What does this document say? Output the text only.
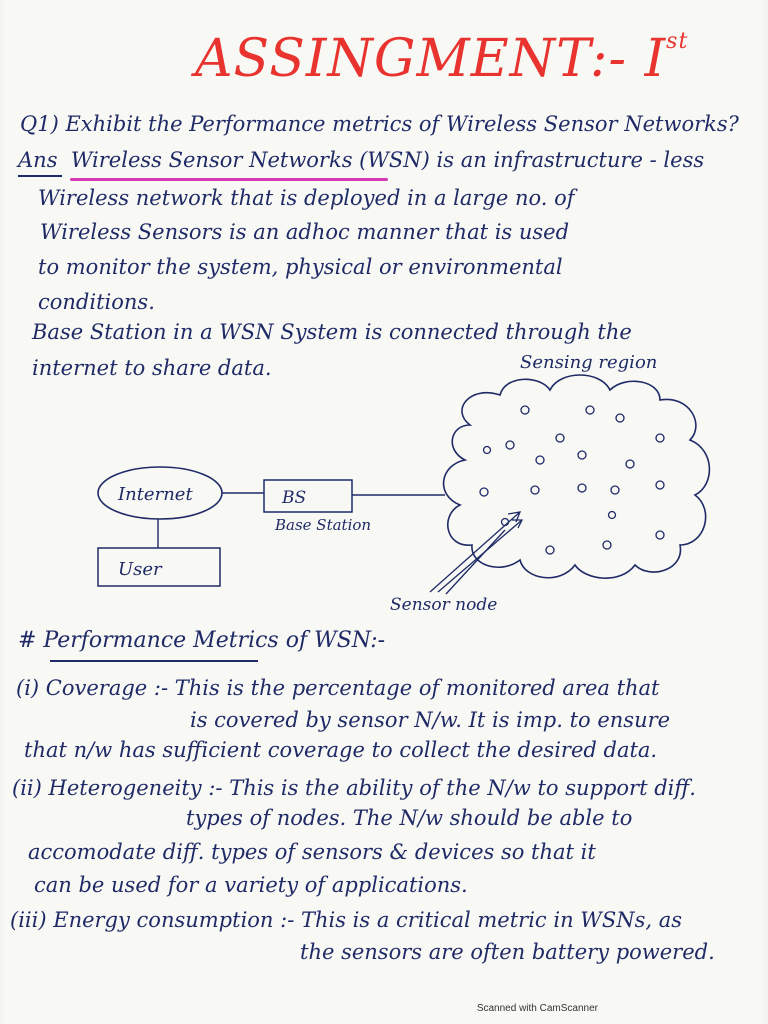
ASSINGMENT:- Ist
Q1) Exhibit the Performance metrics of Wireless Sensor Networks?
Ans Wireless Sensor Networks (WSN) is an infrastructure - less
Wireless network that is deployed in a large no. of
Wireless Sensors is an adhoc manner that is used
to monitor the system, physical or environmental
conditions.
Base Station in a WSN System is connected through the
internet to share data.	Sensing region
Internet	BS
Base Station
User
Sensor node
# Performance Metrics of WSN:-
(i) Coverage :- This is the percentage of monitored area that
is covered by sensor N/w. It is imp. to ensure
that n/w has sufficient coverage to collect the desired data.
(ii) Heterogeneity :- This is the ability of the N/w to support diff.
types of nodes. The N/w should be able to
accomodate diff. types of sensors & devices so that it
can be used for a variety of applications.
(iii) Energy consumption :- This is a critical metric in WSNs, as
the sensors are often battery powered.
Scanned with CamScanner
